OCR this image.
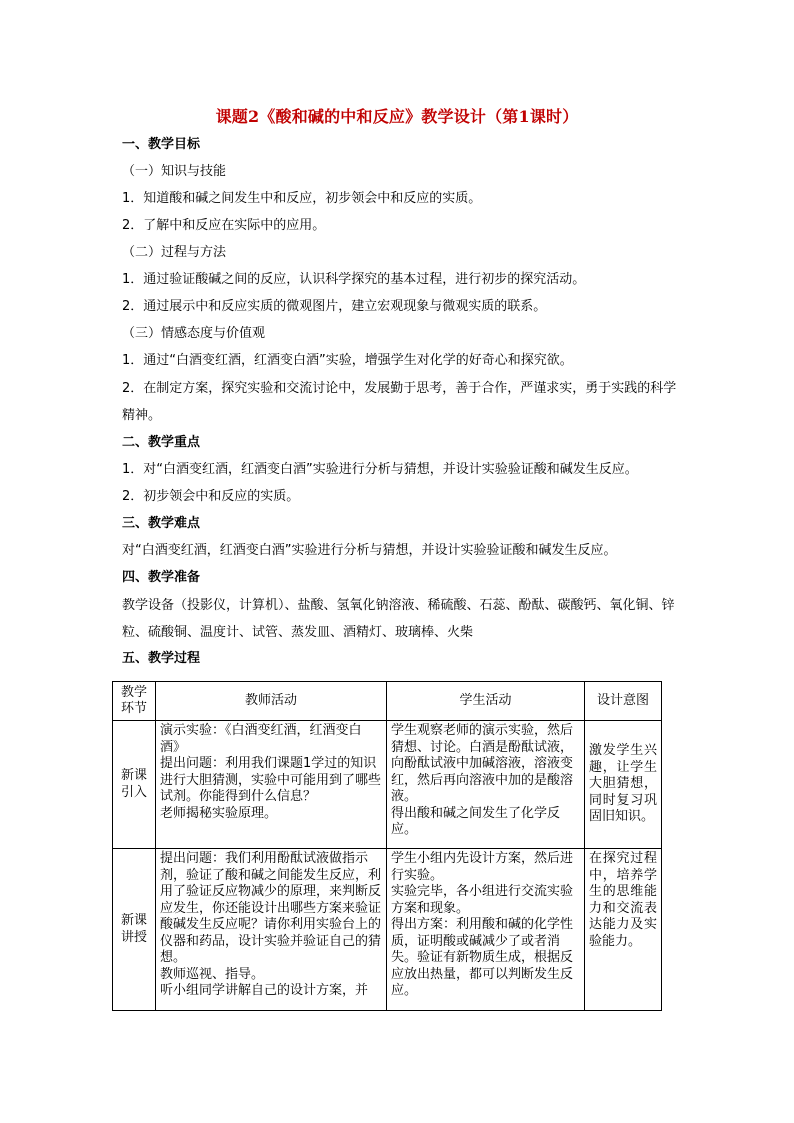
课题2《酸和碱的中和反应》教学设计（第1课时）
一、教学目标
（一）知识与技能
1．知道酸和碱之间发生中和反应，初步领会中和反应的实质。
2．了解中和反应在实际中的应用。
（二）过程与方法
1．通过验证酸碱之间的反应，认识科学探究的基本过程，进行初步的探究活动。
2．通过展示中和反应实质的微观图片，建立宏观现象与微观实质的联系。
（三）情感态度与价值观
1．通过“白酒变红酒，红酒变白酒”实验，增强学生对化学的好奇心和探究欲。
2．在制定方案，探究实验和交流讨论中，发展勤于思考，善于合作，严谨求实，勇于实践的科学精神。
二、教学重点
1．对“白酒变红酒，红酒变白酒”实验进行分析与猜想，并设计实验验证酸和碱发生反应。
2．初步领会中和反应的实质。
三、教学难点
对“白酒变红酒，红酒变白酒”实验进行分析与猜想，并设计实验验证酸和碱发生反应。
四、教学准备
教学设备（投影仪，计算机）、盐酸、氢氧化钠溶液、稀硫酸、石蕊、酚酞、碳酸钙、氧化铜、锌粒、硫酸铜、温度计、试管、蒸发皿、酒精灯、玻璃棒、火柴
五、教学过程
教学
环节	教师活动	学生活动	设计意图
新课
引入	演示实验：《白酒变红酒，红酒变白酒》
提出问题：利用我们课题1学过的知识进行大胆猜测，实验中可能用到了哪些试剂。你能得到什么信息？
老师揭秘实验原理。	学生观察老师的演示实验，然后猜想、讨论。白酒是酚酞试液，向酚酞试液中加碱溶液，溶液变红，然后再向溶液中加的是酸溶液。
得出酸和碱之间发生了化学反应。	激发学生兴趣，让学生大胆猜想，同时复习巩固旧知识。
新课
讲授	提出问题：我们利用酚酞试液做指示剂，验证了酸和碱之间能发生反应，利用了验证反应物减少的原理，来判断反应发生，你还能设计出哪些方案来验证酸碱发生反应呢？请你利用实验台上的仪器和药品，设计实验并验证自己的猜想。
教师巡视、指导。
听小组同学讲解自己的设计方案，并	学生小组内先设计方案，然后进行实验。
实验完毕，各小组进行交流实验方案和现象。
得出方案：利用酸和碱的化学性质，证明酸或碱减少了或者消失。验证有新物质生成，根据反应放出热量，都可以判断发生反应。	在探究过程中，培养学生的思维能力和交流表达能力及实验能力。
